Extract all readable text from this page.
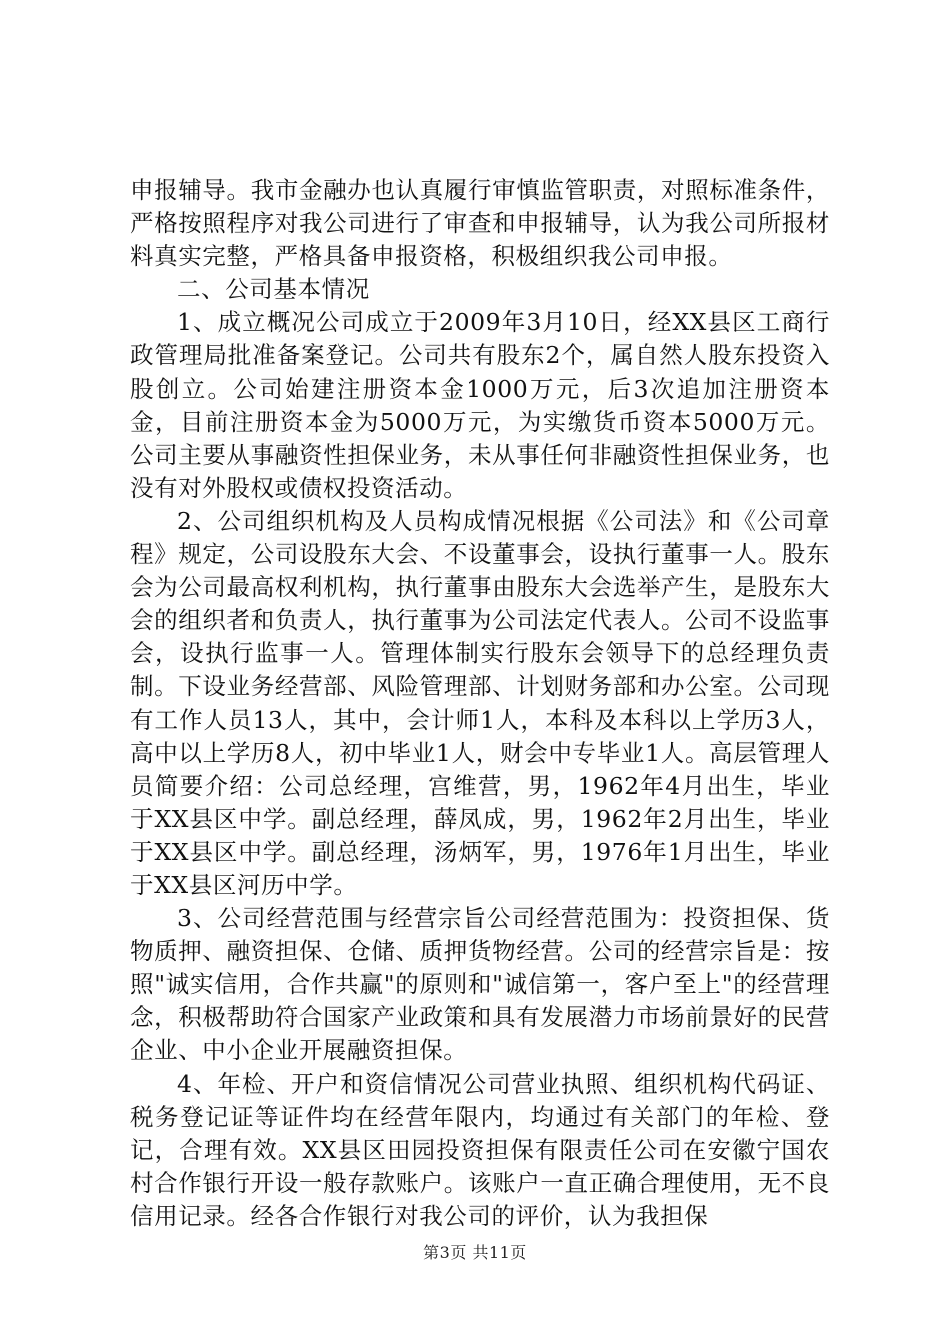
申报辅导。我市金融办也认真履行审慎监管职责，对照标准条件，严格按照程序对我公司进行了审查和申报辅导，认为我公司所报材料真实完整，严格具备申报资格，积极组织我公司申报。

二、公司基本情况

1、成立概况公司成立于2009年3月10日，经XX县区工商行政管理局批准备案登记。公司共有股东2个，属自然人股东投资入股创立。公司始建注册资本金1000万元，后3次追加注册资本金，目前注册资本金为5000万元，为实缴货币资本5000万元。公司主要从事融资性担保业务，未从事任何非融资性担保业务，也没有对外股权或债权投资活动。

2、公司组织机构及人员构成情况根据《公司法》和《公司章程》规定，公司设股东大会、不设董事会，设执行董事一人。股东会为公司最高权利机构，执行董事由股东大会选举产生，是股东大会的组织者和负责人，执行董事为公司法定代表人。公司不设监事会，设执行监事一人。管理体制实行股东会领导下的总经理负责制。下设业务经营部、风险管理部、计划财务部和办公室。公司现有工作人员13人，其中，会计师1人，本科及本科以上学历3人，高中以上学历8人，初中毕业1人，财会中专毕业1人。高层管理人员简要介绍：公司总经理，宫维营，男，1962年4月出生，毕业于XX县区中学。副总经理，薛凤成，男，1962年2月出生，毕业于XX县区中学。副总经理，汤炳军，男，1976年1月出生，毕业于XX县区河历中学。

3、公司经营范围与经营宗旨公司经营范围为：投资担保、货物质押、融资担保、仓储、质押货物经营。公司的经营宗旨是：按照"诚实信用，合作共赢"的原则和"诚信第一，客户至上"的经营理念，积极帮助符合国家产业政策和具有发展潜力市场前景好的民营企业、中小企业开展融资担保。

4、年检、开户和资信情况公司营业执照、组织机构代码证、税务登记证等证件均在经营年限内，均通过有关部门的年检、登记，合理有效。XX县区田园投资担保有限责任公司在安徽宁国农村合作银行开设一般存款账户。该账户一直正确合理使用，无不良信用记录。经各合作银行对我公司的评价，认为我担保

第3页 共11页
